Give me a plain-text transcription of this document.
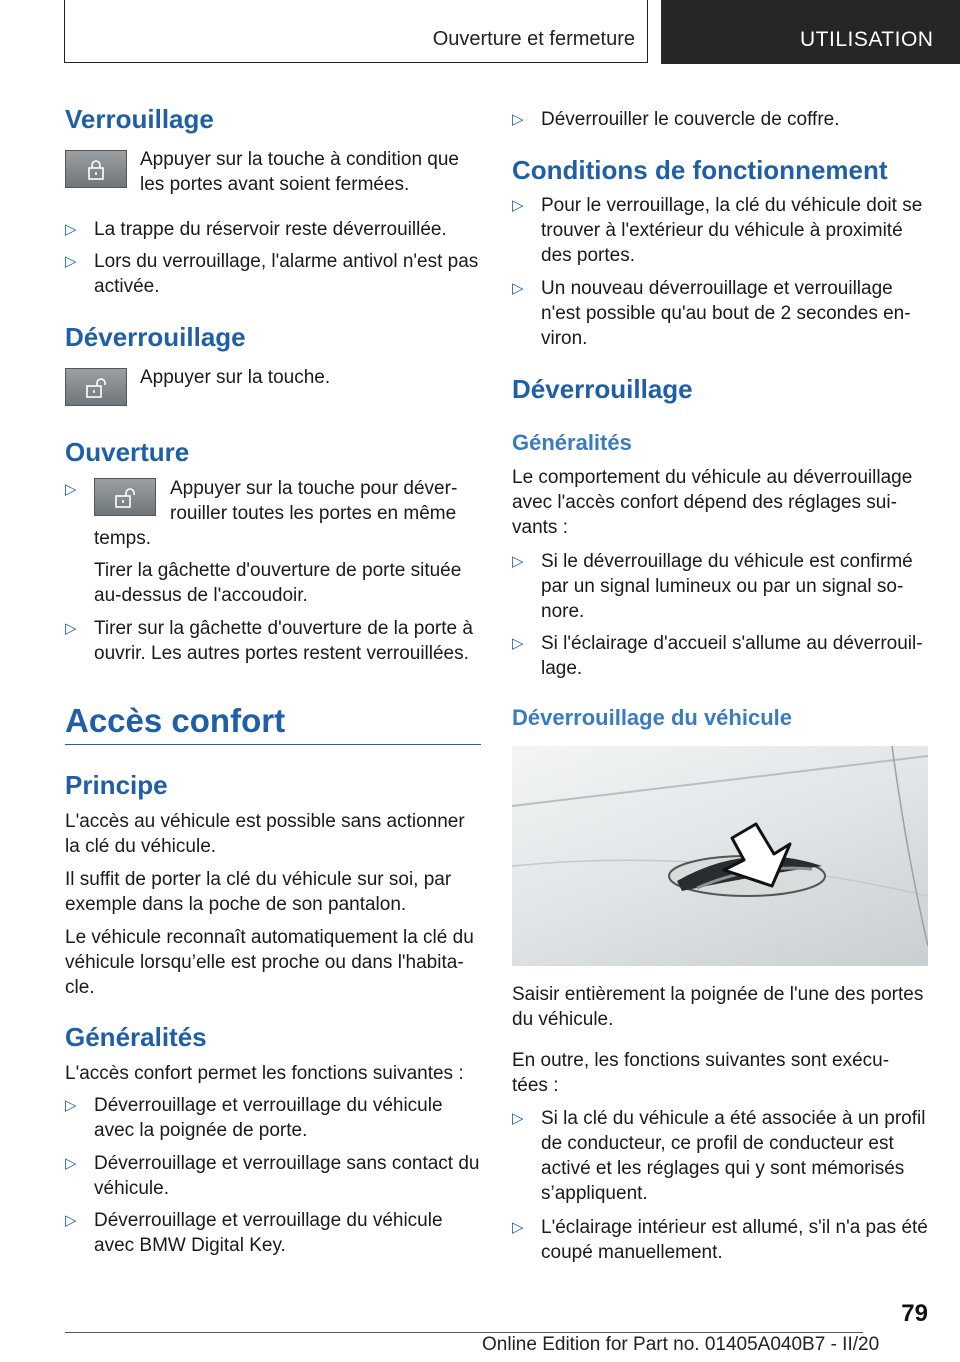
Ouverture et fermeture	UTILISATION
Verrouillage
Appuyer sur la touche à condition que les portes avant soient fermées.
▷ La trappe du réservoir reste déverrouillée.
▷ Lors du verrouillage, l'alarme antivol n'est pas activée.
Déverrouillage
Appuyer sur la touche.
Ouverture
▷	Appuyer sur la touche pour déver-
rouiller toutes les portes en même
temps.
Tirer la gâchette d'ouverture de porte située au-dessus de l'accoudoir.
▷ Tirer sur la gâchette d'ouverture de la porte à ouvrir. Les autres portes restent verrouillées.
Accès confort
Principe
L'accès au véhicule est possible sans actionner la clé du véhicule.
Il suffit de porter la clé du véhicule sur soi, par exemple dans la poche de son pantalon.
Le véhicule reconnaît automatiquement la clé du véhicule lorsqu’elle est proche ou dans l'habita-cle.
Généralités
L'accès confort permet les fonctions suivantes :
▷ Déverrouillage et verrouillage du véhicule avec la poignée de porte.
▷ Déverrouillage et verrouillage sans contact du véhicule.
▷ Déverrouillage et verrouillage du véhicule avec BMW Digital Key.
▷ Déverrouiller le couvercle de coffre.
Conditions de fonctionnement
▷ Pour le verrouillage, la clé du véhicule doit se trouver à l'extérieur du véhicule à proximité des portes.
▷ Un nouveau déverrouillage et verrouillage n'est possible qu'au bout de 2 secondes en-viron.
Déverrouillage
Généralités
Le comportement du véhicule au déverrouillage avec l'accès confort dépend des réglages sui-vants :
▷ Si le déverrouillage du véhicule est confirmé par un signal lumineux ou par un signal so-nore.
▷ Si l'éclairage d'accueil s'allume au déverrouil-lage.
Déverrouillage du véhicule
Saisir entièrement la poignée de l'une des portes du véhicule.
En outre, les fonctions suivantes sont exécu-tées :
▷ Si la clé du véhicule a été associée à un profil de conducteur, ce profil de conducteur est activé et les réglages qui y sont mémorisés s’appliquent.
▷ L'éclairage intérieur est allumé, s'il n'a pas été coupé manuellement.
79
Online Edition for Part no. 01405A040B7 - II/20
